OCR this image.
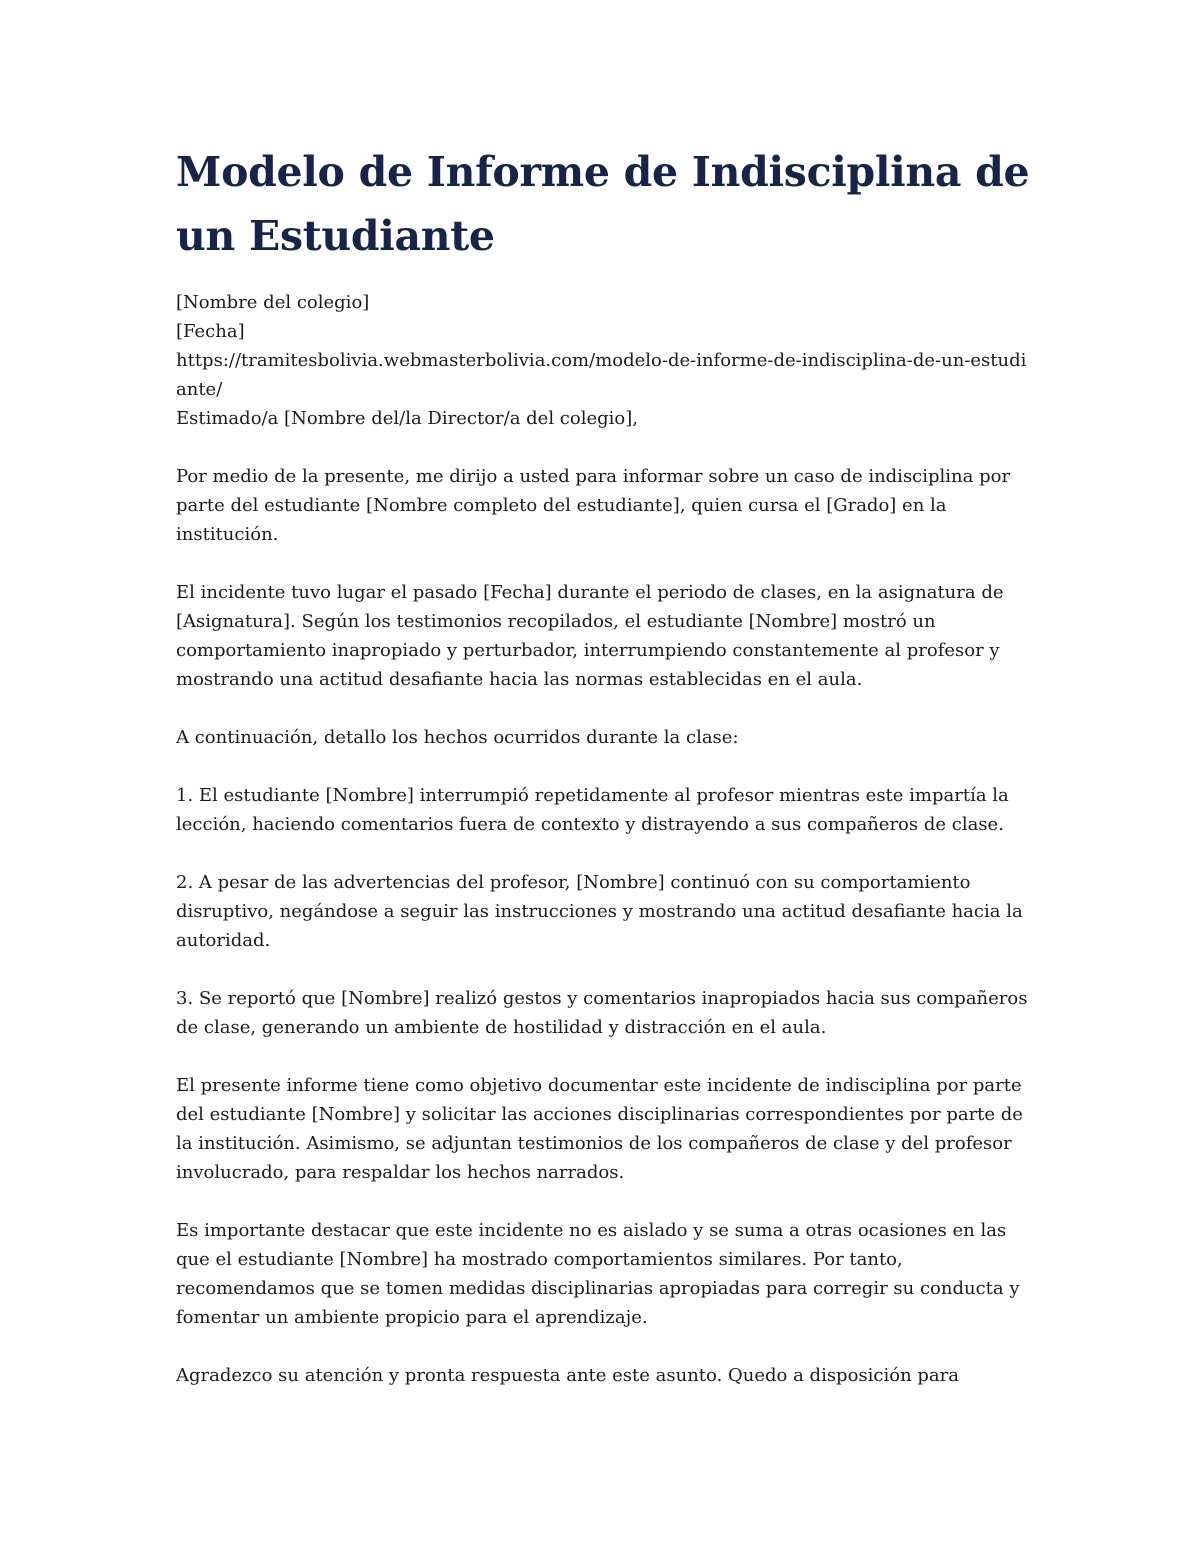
Modelo de Informe de Indisciplina de un Estudiante
[Nombre del colegio]
[Fecha]
https://tramitesbolivia.webmasterbolivia.com/modelo-de-informe-de-indisciplina-de-un-estudiante/
Estimado/a [Nombre del/la Director/a del colegio],

Por medio de la presente, me dirijo a usted para informar sobre un caso de indisciplina por parte del estudiante [Nombre completo del estudiante], quien cursa el [Grado] en la institución.

El incidente tuvo lugar el pasado [Fecha] durante el periodo de clases, en la asignatura de [Asignatura]. Según los testimonios recopilados, el estudiante [Nombre] mostró un comportamiento inapropiado y perturbador, interrumpiendo constantemente al profesor y mostrando una actitud desafiante hacia las normas establecidas en el aula.

A continuación, detallo los hechos ocurridos durante la clase:

1. El estudiante [Nombre] interrumpió repetidamente al profesor mientras este impartía la lección, haciendo comentarios fuera de contexto y distrayendo a sus compañeros de clase.

2. A pesar de las advertencias del profesor, [Nombre] continuó con su comportamiento disruptivo, negándose a seguir las instrucciones y mostrando una actitud desafiante hacia la autoridad.

3. Se reportó que [Nombre] realizó gestos y comentarios inapropiados hacia sus compañeros de clase, generando un ambiente de hostilidad y distracción en el aula.

El presente informe tiene como objetivo documentar este incidente de indisciplina por parte del estudiante [Nombre] y solicitar las acciones disciplinarias correspondientes por parte de la institución. Asimismo, se adjuntan testimonios de los compañeros de clase y del profesor involucrado, para respaldar los hechos narrados.

Es importante destacar que este incidente no es aislado y se suma a otras ocasiones en las que el estudiante [Nombre] ha mostrado comportamientos similares. Por tanto, recomendamos que se tomen medidas disciplinarias apropiadas para corregir su conducta y fomentar un ambiente propicio para el aprendizaje.

Agradezco su atención y pronta respuesta ante este asunto. Quedo a disposición para
